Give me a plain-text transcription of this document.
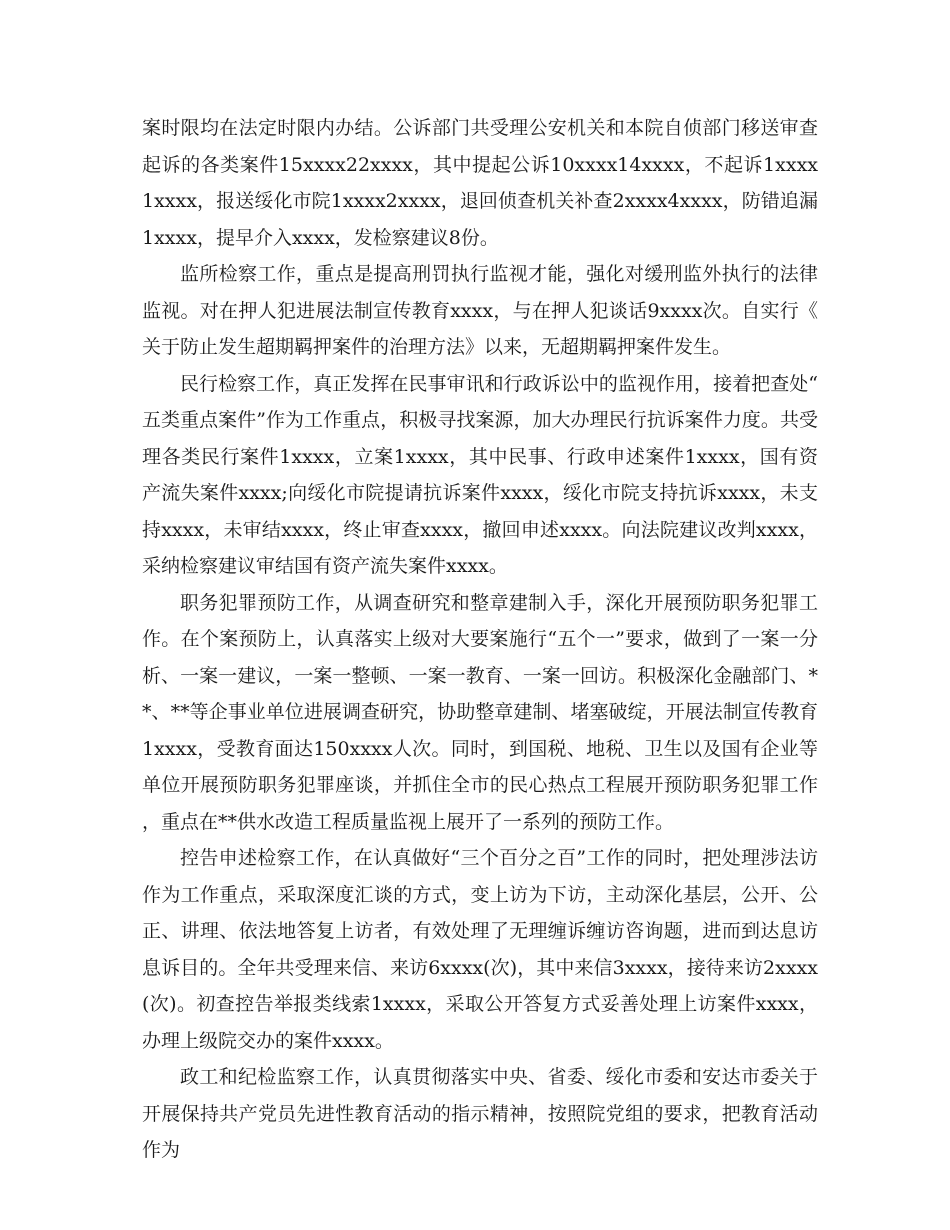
案时限均在法定时限内办结。公诉部门共受理公安机关和本院自侦部门移送审查起诉的各类案件15xxxx22xxxx，其中提起公诉10xxxx14xxxx，不起诉1xxxx1xxxx，报送绥化市院1xxxx2xxxx，退回侦查机关补查2xxxx4xxxx，防错追漏1xxxx，提早介入xxxx，发检察建议8份。

监所检察工作，重点是提高刑罚执行监视才能，强化对缓刑监外执行的法律监视。对在押人犯进展法制宣传教育xxxx，与在押人犯谈话9xxxx次。自实行《关于防止发生超期羁押案件的治理方法》以来，无超期羁押案件发生。

民行检察工作，真正发挥在民事审讯和行政诉讼中的监视作用，接着把查处“五类重点案件”作为工作重点，积极寻找案源，加大办理民行抗诉案件力度。共受理各类民行案件1xxxx，立案1xxxx，其中民事、行政申述案件1xxxx，国有资产流失案件xxxx;向绥化市院提请抗诉案件xxxx，绥化市院支持抗诉xxxx，未支持xxxx，未审结xxxx，终止审查xxxx，撤回申述xxxx。向法院建议改判xxxx，采纳检察建议审结国有资产流失案件xxxx。

职务犯罪预防工作，从调查研究和整章建制入手，深化开展预防职务犯罪工作。在个案预防上，认真落实上级对大要案施行“五个一”要求，做到了一案一分析、一案一建议，一案一整顿、一案一教育、一案一回访。积极深化金融部门、**、**等企事业单位进展调查研究，协助整章建制、堵塞破绽，开展法制宣传教育1xxxx，受教育面达150xxxx人次。同时，到国税、地税、卫生以及国有企业等单位开展预防职务犯罪座谈，并抓住全市的民心热点工程展开预防职务犯罪工作，重点在**供水改造工程质量监视上展开了一系列的预防工作。

控告申述检察工作，在认真做好“三个百分之百”工作的同时，把处理涉法访作为工作重点，采取深度汇谈的方式，变上访为下访，主动深化基层，公开、公正、讲理、依法地答复上访者，有效处理了无理缠诉缠访咨询题，进而到达息访息诉目的。全年共受理来信、来访6xxxx(次)，其中来信3xxxx，接待来访2xxxx(次)。初查控告举报类线索1xxxx，采取公开答复方式妥善处理上访案件xxxx，办理上级院交办的案件xxxx。

政工和纪检监察工作，认真贯彻落实中央、省委、绥化市委和安达市委关于开展保持共产党员先进性教育活动的指示精神，按照院党组的要求，把教育活动作为
